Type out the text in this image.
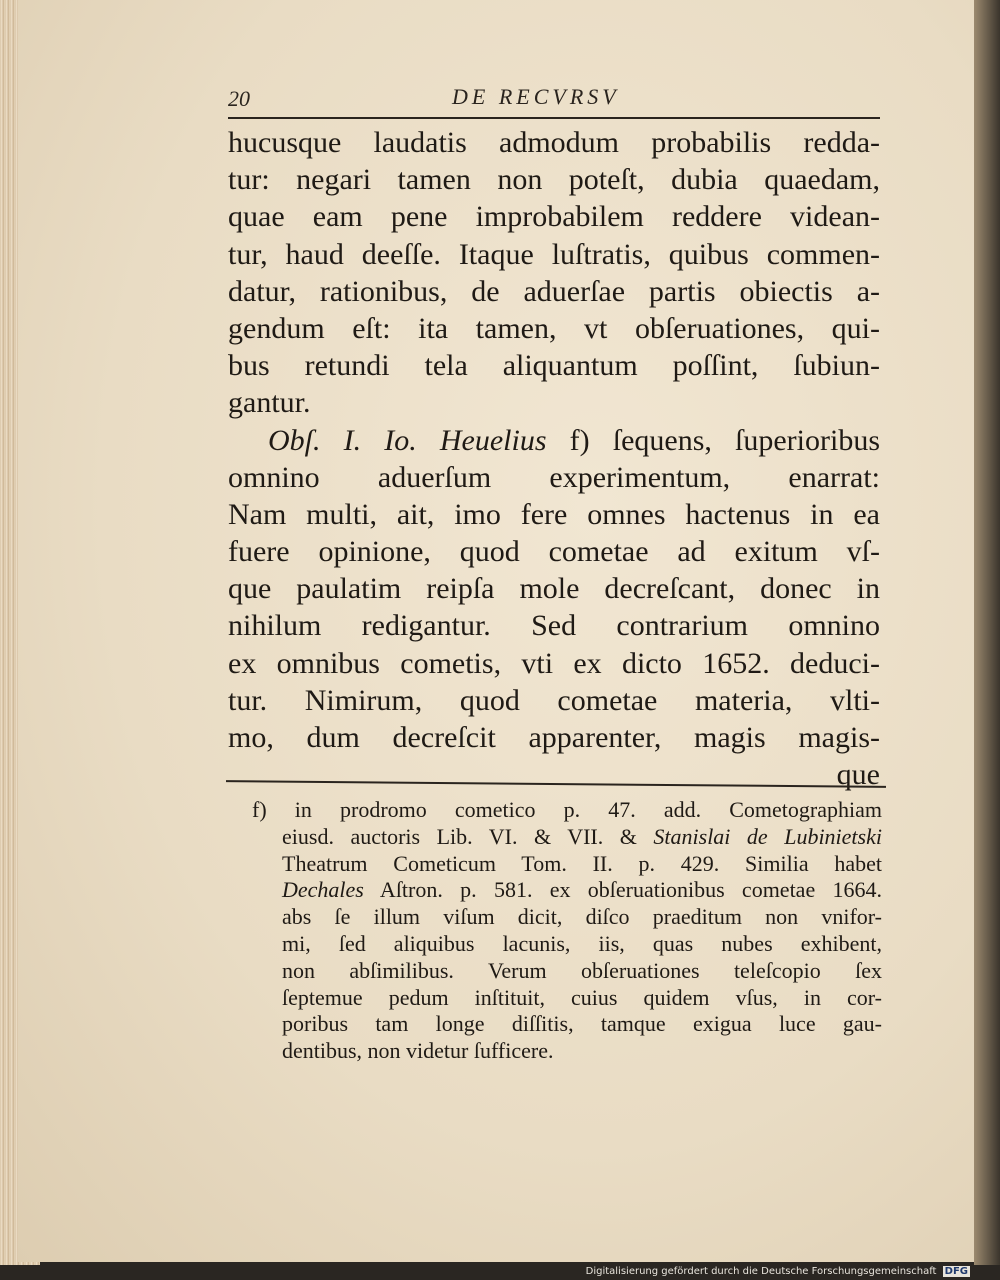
20	DE RECVRSV
hucusque laudatis admodum probabilis redda-
tur: negari tamen non poteſt, dubia quaedam,
quae eam pene improbabilem reddere videan-
tur, haud deeſſe. Itaque luſtratis, quibus commen-
datur, rationibus, de aduerſae partis obiectis a-
gendum eſt: ita tamen, vt obſeruationes, qui-
bus retundi tela aliquantum poſſint, ſubiun-
gantur.
Obſ. I. Io. Heuelius f) ſequens, ſuperioribus
omnino aduerſum experimentum, enarrat:
Nam multi, ait, imo fere omnes hactenus in ea
fuere opinione, quod cometae ad exitum vſ-
que paulatim reipſa mole decreſcant, donec in
nihilum redigantur. Sed contrarium omnino
ex omnibus cometis, vti ex dicto 1652. deduci-
tur. Nimirum, quod cometae materia, vlti-
mo, dum decreſcit apparenter, magis magis-
que
f) in prodromo cometico p. 47. add. Cometographiam
eiusd. auctoris Lib. VI. & VII. & Stanislai de Lubinietski
Theatrum Cometicum Tom. II. p. 429. Similia habet
Dechales Aſtron. p. 581. ex obſeruationibus cometae 1664.
abs ſe illum viſum dicit, diſco praeditum non vnifor-
mi, ſed aliquibus lacunis, iis, quas nubes exhibent,
non abſimilibus. Verum obſeruationes teleſcopio ſex
ſeptemue pedum inſtituit, cuius quidem vſus, in cor-
poribus tam longe diſſitis, tamque exigua luce gau-
dentibus, non videtur ſufficere.
Digitalisierung gefördert durch die Deutsche Forschungsgemeinschaft DFG
